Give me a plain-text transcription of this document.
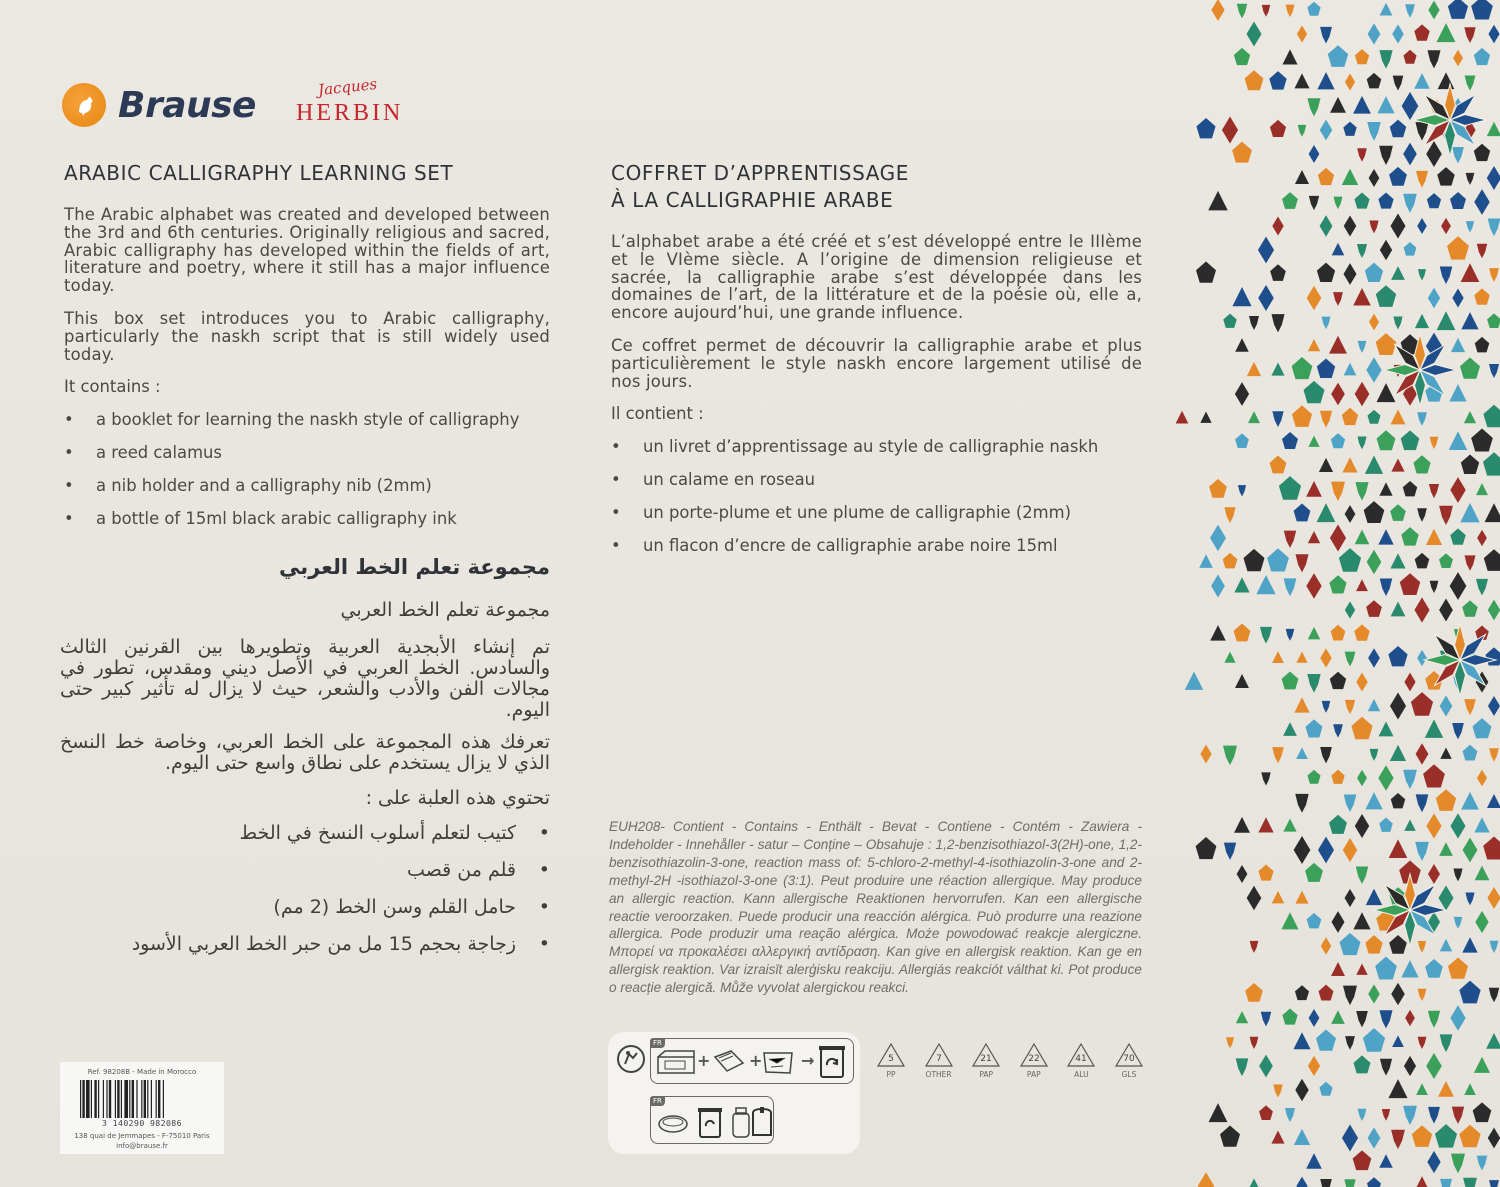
Brause	Jacques
HERBIN
ARABIC CALLIGRAPHY LEARNING SET

The Arabic alphabet was created and developed between the 3rd and 6th centuries. Originally religious and sacred, Arabic calligraphy has developed within the fields of art, literature and poetry, where it still has a major influence today.

This box set introduces you to Arabic calligraphy, particularly the naskh script that is still widely used today.

It contains :

• a booklet for learning the naskh style of calligraphy
• a reed calamus
• a nib holder and a calligraphy nib (2mm)
• a bottle of 15ml black arabic calligraphy ink
COFFRET D’APPRENTISSAGE
À LA CALLIGRAPHIE ARABE

L’alphabet arabe a été créé et s’est développé entre le IIIème et le VIème siècle. A l’origine de dimension religieuse et sacrée, la calligraphie arabe s’est développée dans les domaines de l’art, de la littérature et de la poésie où, elle a, encore aujourd’hui, une grande influence.

Ce coffret permet de découvrir la calligraphie arabe et plus particulièrement le style naskh encore largement utilisé de nos jours.

Il contient :

• un livret d’apprentissage au style de calligraphie naskh
• un calame en roseau
• un porte-plume et une plume de calligraphie (2mm)
• un flacon d’encre de calligraphie arabe noire 15ml
مجموعة تعلم الخط العربي
مجموعة تعلم الخط العربي

تم إنشاء الأبجدية العربية وتطويرها بين القرنين الثالث والسادس. الخط العربي في الأصل ديني ومقدس، تطور في مجالات الفن والأدب والشعر، حيث لا يزال له تأثير كبير حتى اليوم.

تعرفك هذه المجموعة على الخط العربي، وخاصة خط النسخ الذي لا يزال يستخدم على نطاق واسع حتى اليوم.

تحتوي هذه العلبة على :

• كتيب لتعلم أسلوب النسخ في الخط
• قلم من قصب
• حامل القلم وسن الخط (2 مم)
• زجاجة بحجم 15 مل من حبر الخط العربي الأسود

EUH208- Contient - Contains - Enthält - Bevat - Contiene - Contém - Zawiera - Indeholder - Innehåller - satur – Conține – Obsahuje : 1,2-benzisothiazol-3(2H)-one, 1,2-benzisothiazolin-3-one, reaction mass of: 5-chloro-2-methyl-4-isothiazolin-3-one and 2-methyl-2H -isothiazol-3-one (3:1). Peut produire une réaction allergique. May produce an allergic reaction. Kann allergische Reaktionen hervorrufen. Kan een allergische reactie veroorzaken. Puede producir una reacción alérgica. Può produrre una reazione allergica. Pode produzir uma reação alérgica. Może powodować reakcje alergiczne. Μπορεί να προκαλέσει αλλεργική αντίδραση. Kan give en allergisk reaktion. Kan ge en allergisk reaktion. Var izraisīt alerģisku reakciju. Allergiás reakciót válthat ki. Pot produce o reacție alergică. Může vyvolat alergickou reakci.

FR
+ + →
FR
5
PP
7
OTHER
21
PAP
22
PAP
41
ALU
70
GLS
Ref. 98208B - Made in Morocco
3 140290 982086
138 quai de Jemmapes - F-75010 Paris
info@brause.fr
